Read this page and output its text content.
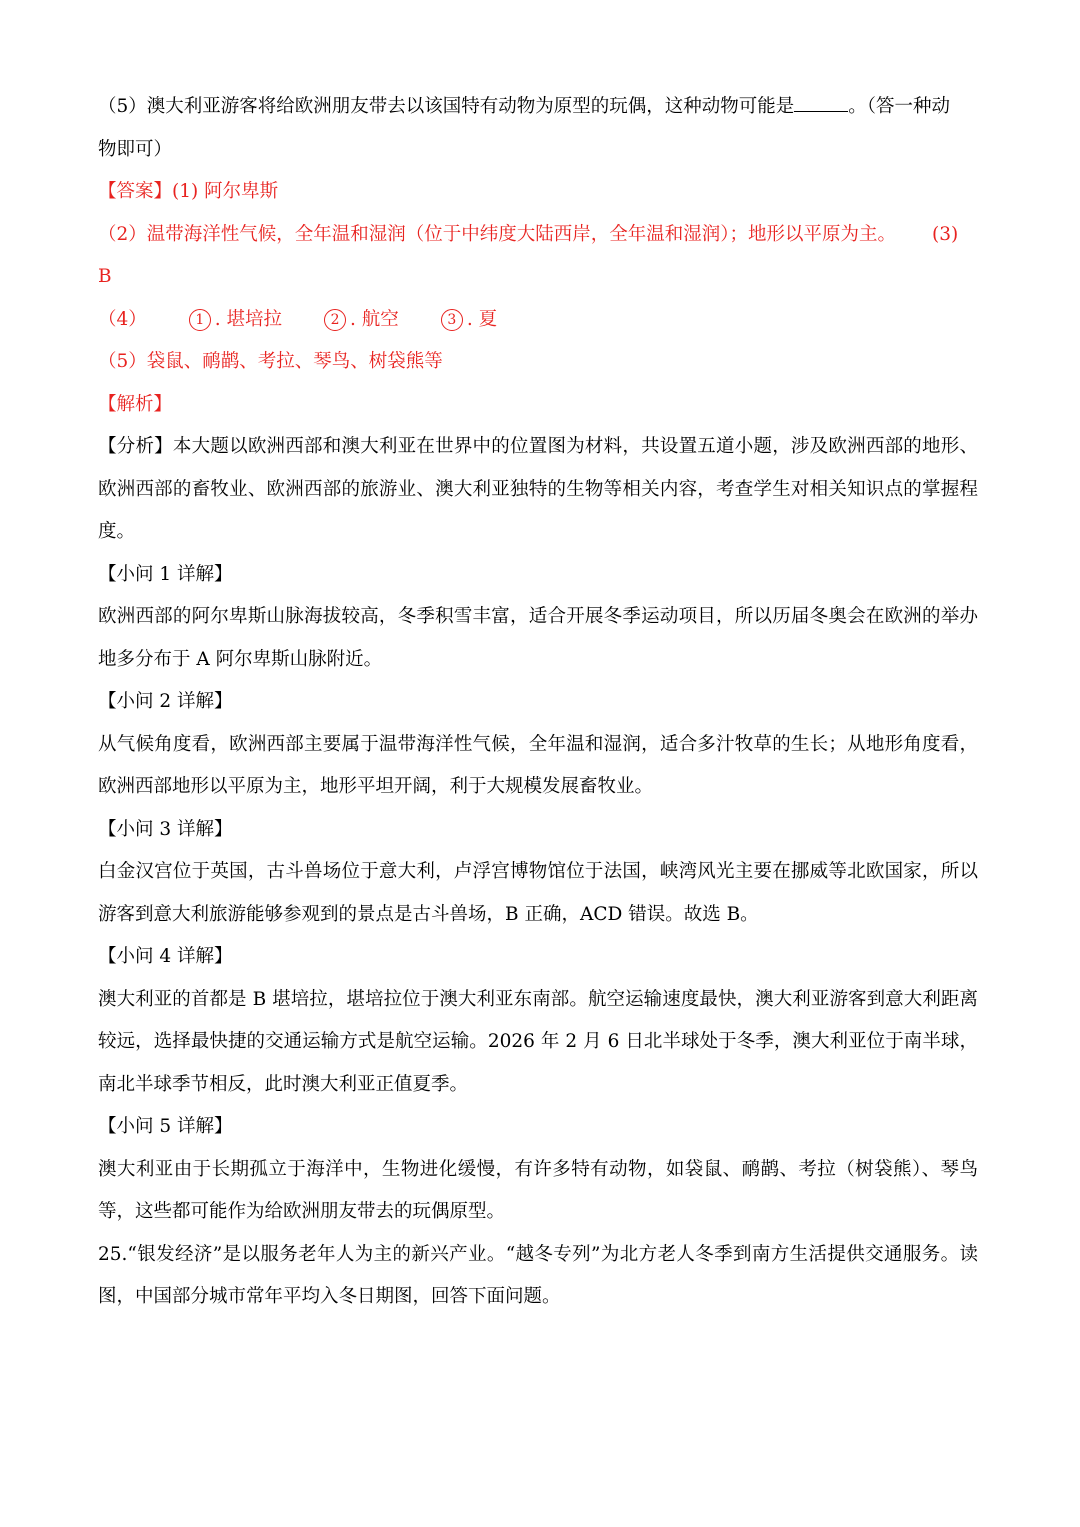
（5）澳大利亚游客将给欧洲朋友带去以该国特有动物为原型的玩偶，这种动物可能是	。（答一种动
物即可）
【答案】(1) 阿尔卑斯
（2）温带海洋性气候，全年温和湿润（位于中纬度大陆西岸，全年温和湿润）；地形以平原为主。 (3)
B
（4）	1 . 堪培拉	2 . 航空	3 . 夏
（5）袋鼠、鸸鹋、考拉、琴鸟、树袋熊等
【解析】
【分析】本大题以欧洲西部和澳大利亚在世界中的位置图为材料，共设置五道小题，涉及欧洲西部的地形、欧洲西部的畜牧业、欧洲西部的旅游业、澳大利亚独特的生物等相关内容，考查学生对相关知识点的掌握程度。
【小问 1 详解】
欧洲西部的阿尔卑斯山脉海拔较高，冬季积雪丰富，适合开展冬季运动项目，所以历届冬奥会在欧洲的举办地多分布于 A 阿尔卑斯山脉附近。
【小问 2 详解】
从气候角度看，欧洲西部主要属于温带海洋性气候，全年温和湿润，适合多汁牧草的生长；从地形角度看，欧洲西部地形以平原为主，地形平坦开阔，利于大规模发展畜牧业。
【小问 3 详解】
白金汉宫位于英国，古斗兽场位于意大利，卢浮宫博物馆位于法国，峡湾风光主要在挪威等北欧国家，所以游客到意大利旅游能够参观到的景点是古斗兽场，B 正确，ACD 错误。故选 B。
【小问 4 详解】
澳大利亚的首都是 B 堪培拉，堪培拉位于澳大利亚东南部。航空运输速度最快，澳大利亚游客到意大利距离较远，选择最快捷的交通运输方式是航空运输。2026 年 2 月 6 日北半球处于冬季，澳大利亚位于南半球，南北半球季节相反，此时澳大利亚正值夏季。
【小问 5 详解】
澳大利亚由于长期孤立于海洋中，生物进化缓慢，有许多特有动物，如袋鼠、鸸鹋、考拉（树袋熊）、琴鸟等，这些都可能作为给欧洲朋友带去的玩偶原型。
25.“银发经济”是以服务老年人为主的新兴产业。“越冬专列”为北方老人冬季到南方生活提供交通服务。读图，中国部分城市常年平均入冬日期图，回答下面问题。
